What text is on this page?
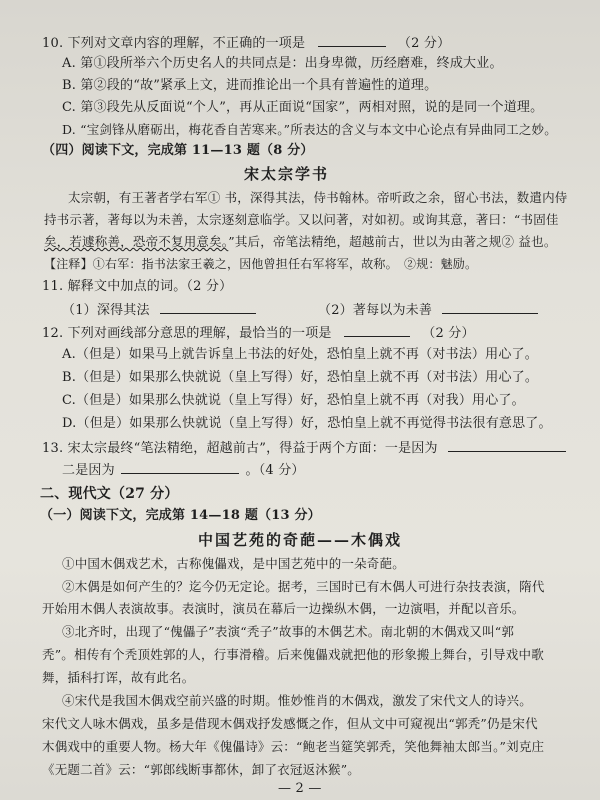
10. 下列对文章内容的理解，不正确的一项是	（2 分）
A. 第①段所举六个历史名人的共同点是：出身卑微，历经磨难，终成大业。
B. 第②段的“故”紧承上文，进而推论出一个具有普遍性的道理。
C. 第③段先从反面说“个人”，再从正面说“国家”，两相对照，说的是同一个道理。
D. “宝剑锋从磨砺出，梅花香自苦寒来。”所表达的含义与本文中心论点有异曲同工之妙。
（四）阅读下文，完成第 11—13 题（8 分）
宋太宗学书
太宗朝，有王著者学右军① 书，深得其法，侍书翰林。帝听政之余，留心书法，数遣内侍
持书示著，著每以为未善，太宗逐刻意临学。又以问著，对如初。或询其意，著曰：“书固佳
矣，若遽称善，恐帝不复用意矣。”其后，帝笔法精绝，超越前古，世以为由著之规② 益也。
【注释】①右军：指书法家王羲之，因他曾担任右军将军，故称。　②规：魅励。
11. 解释文中加点的词。（2 分）
（1）深得其法	（2）著每以为未善
12. 下列对画线部分意思的理解，最恰当的一项是	（2 分）
A.（但是）如果马上就告诉皇上书法的好处，恐怕皇上就不再（对书法）用心了。
B.（但是）如果那么快就说（皇上写得）好，恐怕皇上就不再（对书法）用心了。
C.（但是）如果那么快就说（皇上写得）好，恐怕皇上就不再（对我）用心了。
D.（但是）如果那么快就说（皇上写得）好，恐怕皇上就不再觉得书法很有意思了。
13. 宋太宗最终“笔法精绝，超越前古”，得益于两个方面：一是因为
二是因为	。（4 分）
二、现代文（27 分）
（一）阅读下文，完成第 14—18 题（13 分）
中国艺苑的奇葩——木偶戏
①中国木偶戏艺术，古称傀儡戏，是中国艺苑中的一朵奇葩。
②木偶是如何产生的？迄今仍无定论。据考，三国时已有木偶人可进行杂技表演，隋代
开始用木偶人表演故事。表演时，演员在幕后一边操纵木偶，一边演唱，并配以音乐。
③北齐时，出现了“傀儡子”表演“秃子”故事的木偶艺术。南北朝的木偶戏又叫“郭
秃”。相传有个秃顶姓郭的人，行事滑稽。后来傀儡戏就把他的形象搬上舞台，引导戏中歌
舞，插科打诨，故有此名。
④宋代是我国木偶戏空前兴盛的时期。惟妙惟肖的木偶戏，激发了宋代文人的诗兴。
宋代文人咏木偶戏，虽多是借现木偶戏抒发感慨之作，但从文中可窥视出“郭秃”仍是宋代
木偶戏中的重要人物。杨大年《傀儡诗》云：“鲍老当筵笑郭秃，笑他舞袖太郎当。”刘克庄
《无题二首》云：“郭郎线断事都休，卸了衣冠返沐猴”。
— 2 —
